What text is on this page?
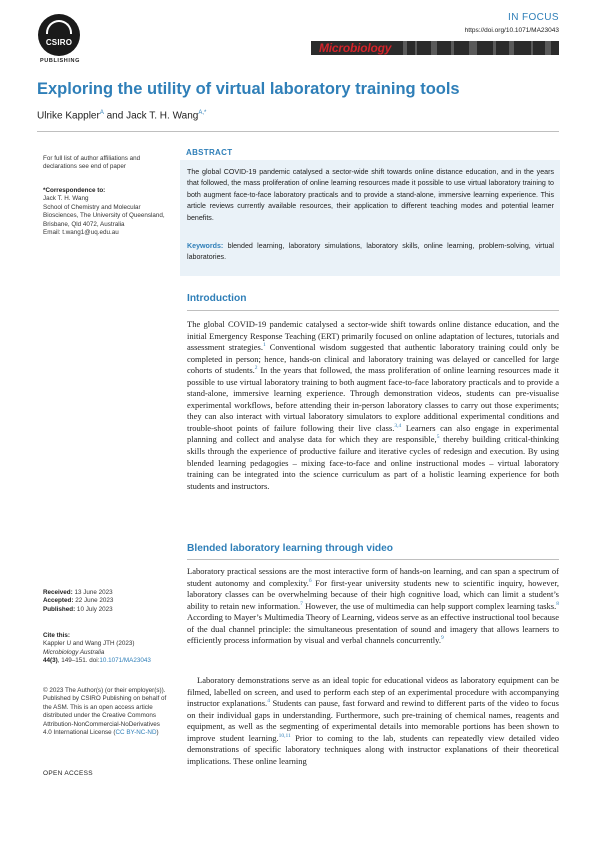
CSIRO
PUBLISHING
IN FOCUS
https://doi.org/10.1071/MA23043
Microbiology
Exploring the utility of virtual laboratory training tools
Ulrike Kappler$^A$ and Jack T. H. Wang$^{A,*}$
For full list of author affiliations and declarations see end of paper
*Correspondence to:
Jack T. H. Wang
School of Chemistry and Molecular Biosciences, The University of Queensland, Brisbane, Qld 4072, Australia
Email: t.wang1@uq.edu.au
Received: 13 June 2023
Accepted: 22 June 2023
Published: 10 July 2023
Cite this:
Kappler U and Wang JTH (2023)
Microbiology Australia
44(3), 149–151. doi:10.1071/MA23043
© 2023 The Author(s) (or their employer(s)). Published by CSIRO Publishing on behalf of the ASM. This is an open access article distributed under the Creative Commons Attribution-NonCommercial-NoDerivatives 4.0 International License (CC BY-NC-ND)
OPEN ACCESS
ABSTRACT
The global COVID-19 pandemic catalysed a sector-wide shift towards online distance education, and in the years that followed, the mass proliferation of online learning resources made it possible to use virtual laboratory training to both augment face-to-face laboratory practicals and to provide a stand-alone, immersive learning experience. This article reviews currently available resources, their application to different teaching modes and potential learner benefits.
Keywords: blended learning, laboratory simulations, laboratory skills, online learning, problem-solving, virtual laboratories.
Introduction
The global COVID-19 pandemic catalysed a sector-wide shift towards online distance education, and the initial Emergency Response Teaching (ERT) primarily focused on online adaptation of lectures, tutorials and assessment strategies.$^1$ Conventional wisdom suggested that authentic laboratory training could only be completed in person; hence, hands-on clinical and laboratory training was delayed or cancelled for large cohorts of students.$^2$ In the years that followed, the mass proliferation of online learning resources made it possible to use virtual laboratory training to both augment face-to-face laboratory practicals and to provide a stand-alone, immersive learning experience. Through demonstration videos, students can pre-visualise experimental workflows, before attending their in-person laboratory classes to carry out those experiments; they can also interact with virtual laboratory simulators to explore additional experimental conditions and trouble-shoot points of failure following their live class.$^{3,4}$ Learners can also engage in experimental planning and collect and analyse data for which they are responsible,$^5$ thereby building critical-thinking skills through the experience of productive failure and iterative cycles of redesign and execution. By using blended learning pedagogies – mixing face-to-face and online instructional modes – virtual laboratory training can be integrated into the science curriculum as part of a holistic learning experience for both students and instructors.
Blended laboratory learning through video
Laboratory practical sessions are the most interactive form of hands-on learning, and can span a spectrum of student autonomy and complexity.$^6$ For first-year university students new to scientific inquiry, however, laboratory classes can be overwhelming because of their high cognitive load, which can limit a student’s ability to retain new information.$^7$ However, the use of multimedia can help support complex learning tasks.$^8$ According to Mayer’s Multimedia Theory of Learning, videos serve as an effective instructional tool because of the dual channel principle: the simultaneous presentation of sound and imagery that allows learners to efficiently process information by visual and verbal channels concurrently.$^9$
Laboratory demonstrations serve as an ideal topic for educational videos as laboratory equipment can be filmed, labelled on screen, and used to perform each step of an experimental procedure with accompanying instructor explanations.$^4$ Students can pause, fast forward and rewind to different parts of the video to focus on their individual gaps in understanding. Furthermore, such pre-training of chemical names, reagents and equipment, as well as the segmenting of experimental details into memorable portions has been shown to improve student learning.$^{10,11}$ Prior to coming to the lab, students can repeatedly view detailed video demonstrations of specific laboratory techniques along with instructor explanations of their theoretical implications. These online learning
